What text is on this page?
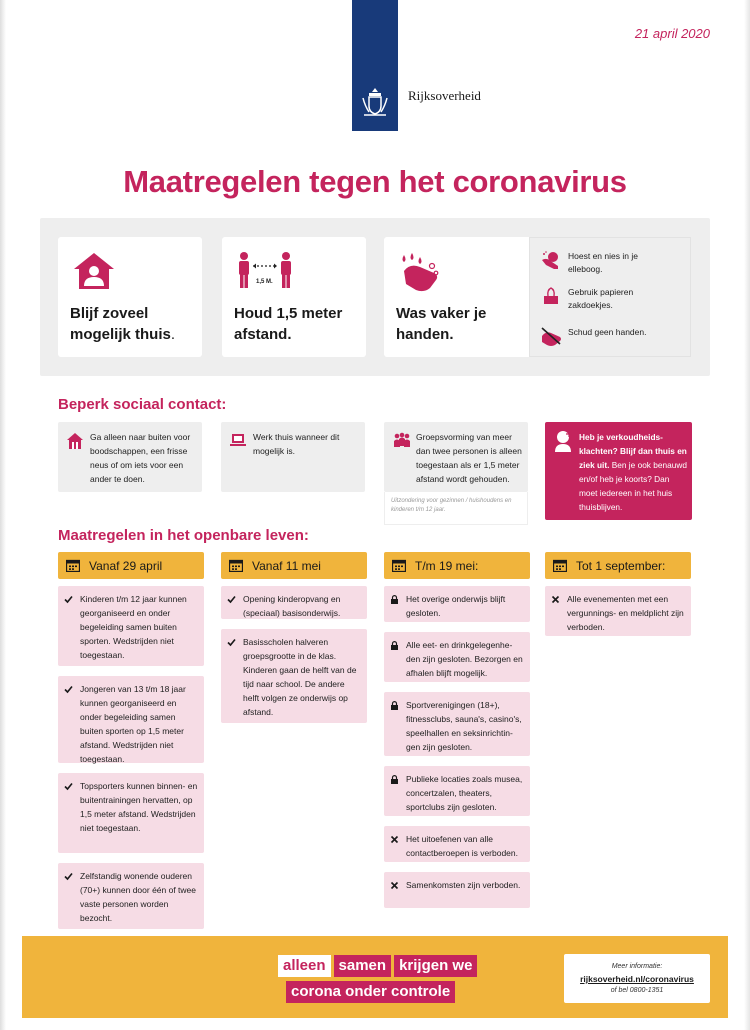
21 april 2020
Rijksoverheid
Maatregelen tegen het coronavirus
Blijf zoveel mogelijk thuis.
1,5 M.
Houd 1,5 meter afstand.
Was vaker je handen.
Hoest en nies in je elleboog.
Gebruik papieren zakdoekjes.
Schud geen handen.
Beperk sociaal contact:
Ga alleen naar buiten voor boodschappen, een frisse neus of om iets voor een ander te doen.
Werk thuis wanneer dit mogelijk is.
Groepsvorming van meer dan twee personen is alleen toegestaan als er 1,5 meter afstand wordt gehouden.
Uitzondering voor gezinnen / huishoudens en kinderen t/m 12 jaar.
Heb je verkoudheids-klachten? Blijf dan thuis en ziek uit. Ben je ook benauwd en/of heb je koorts? Dan moet iedereen in het huis thuisblijven.
Maatregelen in het openbare leven:
Vanaf 29 april
Kinderen t/m 12 jaar kunnen georganiseerd en onder begeleiding samen buiten sporten. Wedstrijden niet toegestaan.
Jongeren van 13 t/m 18 jaar kunnen georganiseerd en onder begeleiding samen buiten sporten op 1,5 meter afstand. Wedstrijden niet toegestaan.
Topsporters kunnen binnen- en buitentrainingen hervatten, op 1,5 meter afstand. Wedstrijden niet toegestaan.
Zelfstandig wonende ouderen (70+) kunnen door één of twee vaste personen worden bezocht.
Vanaf 11 mei
Opening kinderopvang en (speciaal) basisonderwijs.
Basisscholen halveren groepsgrootte in de klas. Kinderen gaan de helft van de tijd naar school. De andere helft volgen ze onderwijs op afstand.
T/m 19 mei:
Het overige onderwijs blijft gesloten.
Alle eet- en drinkgelegenhe-den zijn gesloten. Bezorgen en afhalen blijft mogelijk.
Sportverenigingen (18+), fitnessclubs, sauna's, casino's, speelhallen en seksinrichtin-gen zijn gesloten.
Publieke locaties zoals musea, concertzalen, theaters, sportclubs zijn gesloten.
Het uitoefenen van alle contactberoepen is verboden.
Samenkomsten zijn verboden.
Tot 1 september:
Alle evenementen met een vergunnings- en meldplicht zijn verboden.
alleen samen krijgen we
corona onder controle
Meer informatie:
rijksoverheid.nl/coronavirus
of bel 0800-1351
